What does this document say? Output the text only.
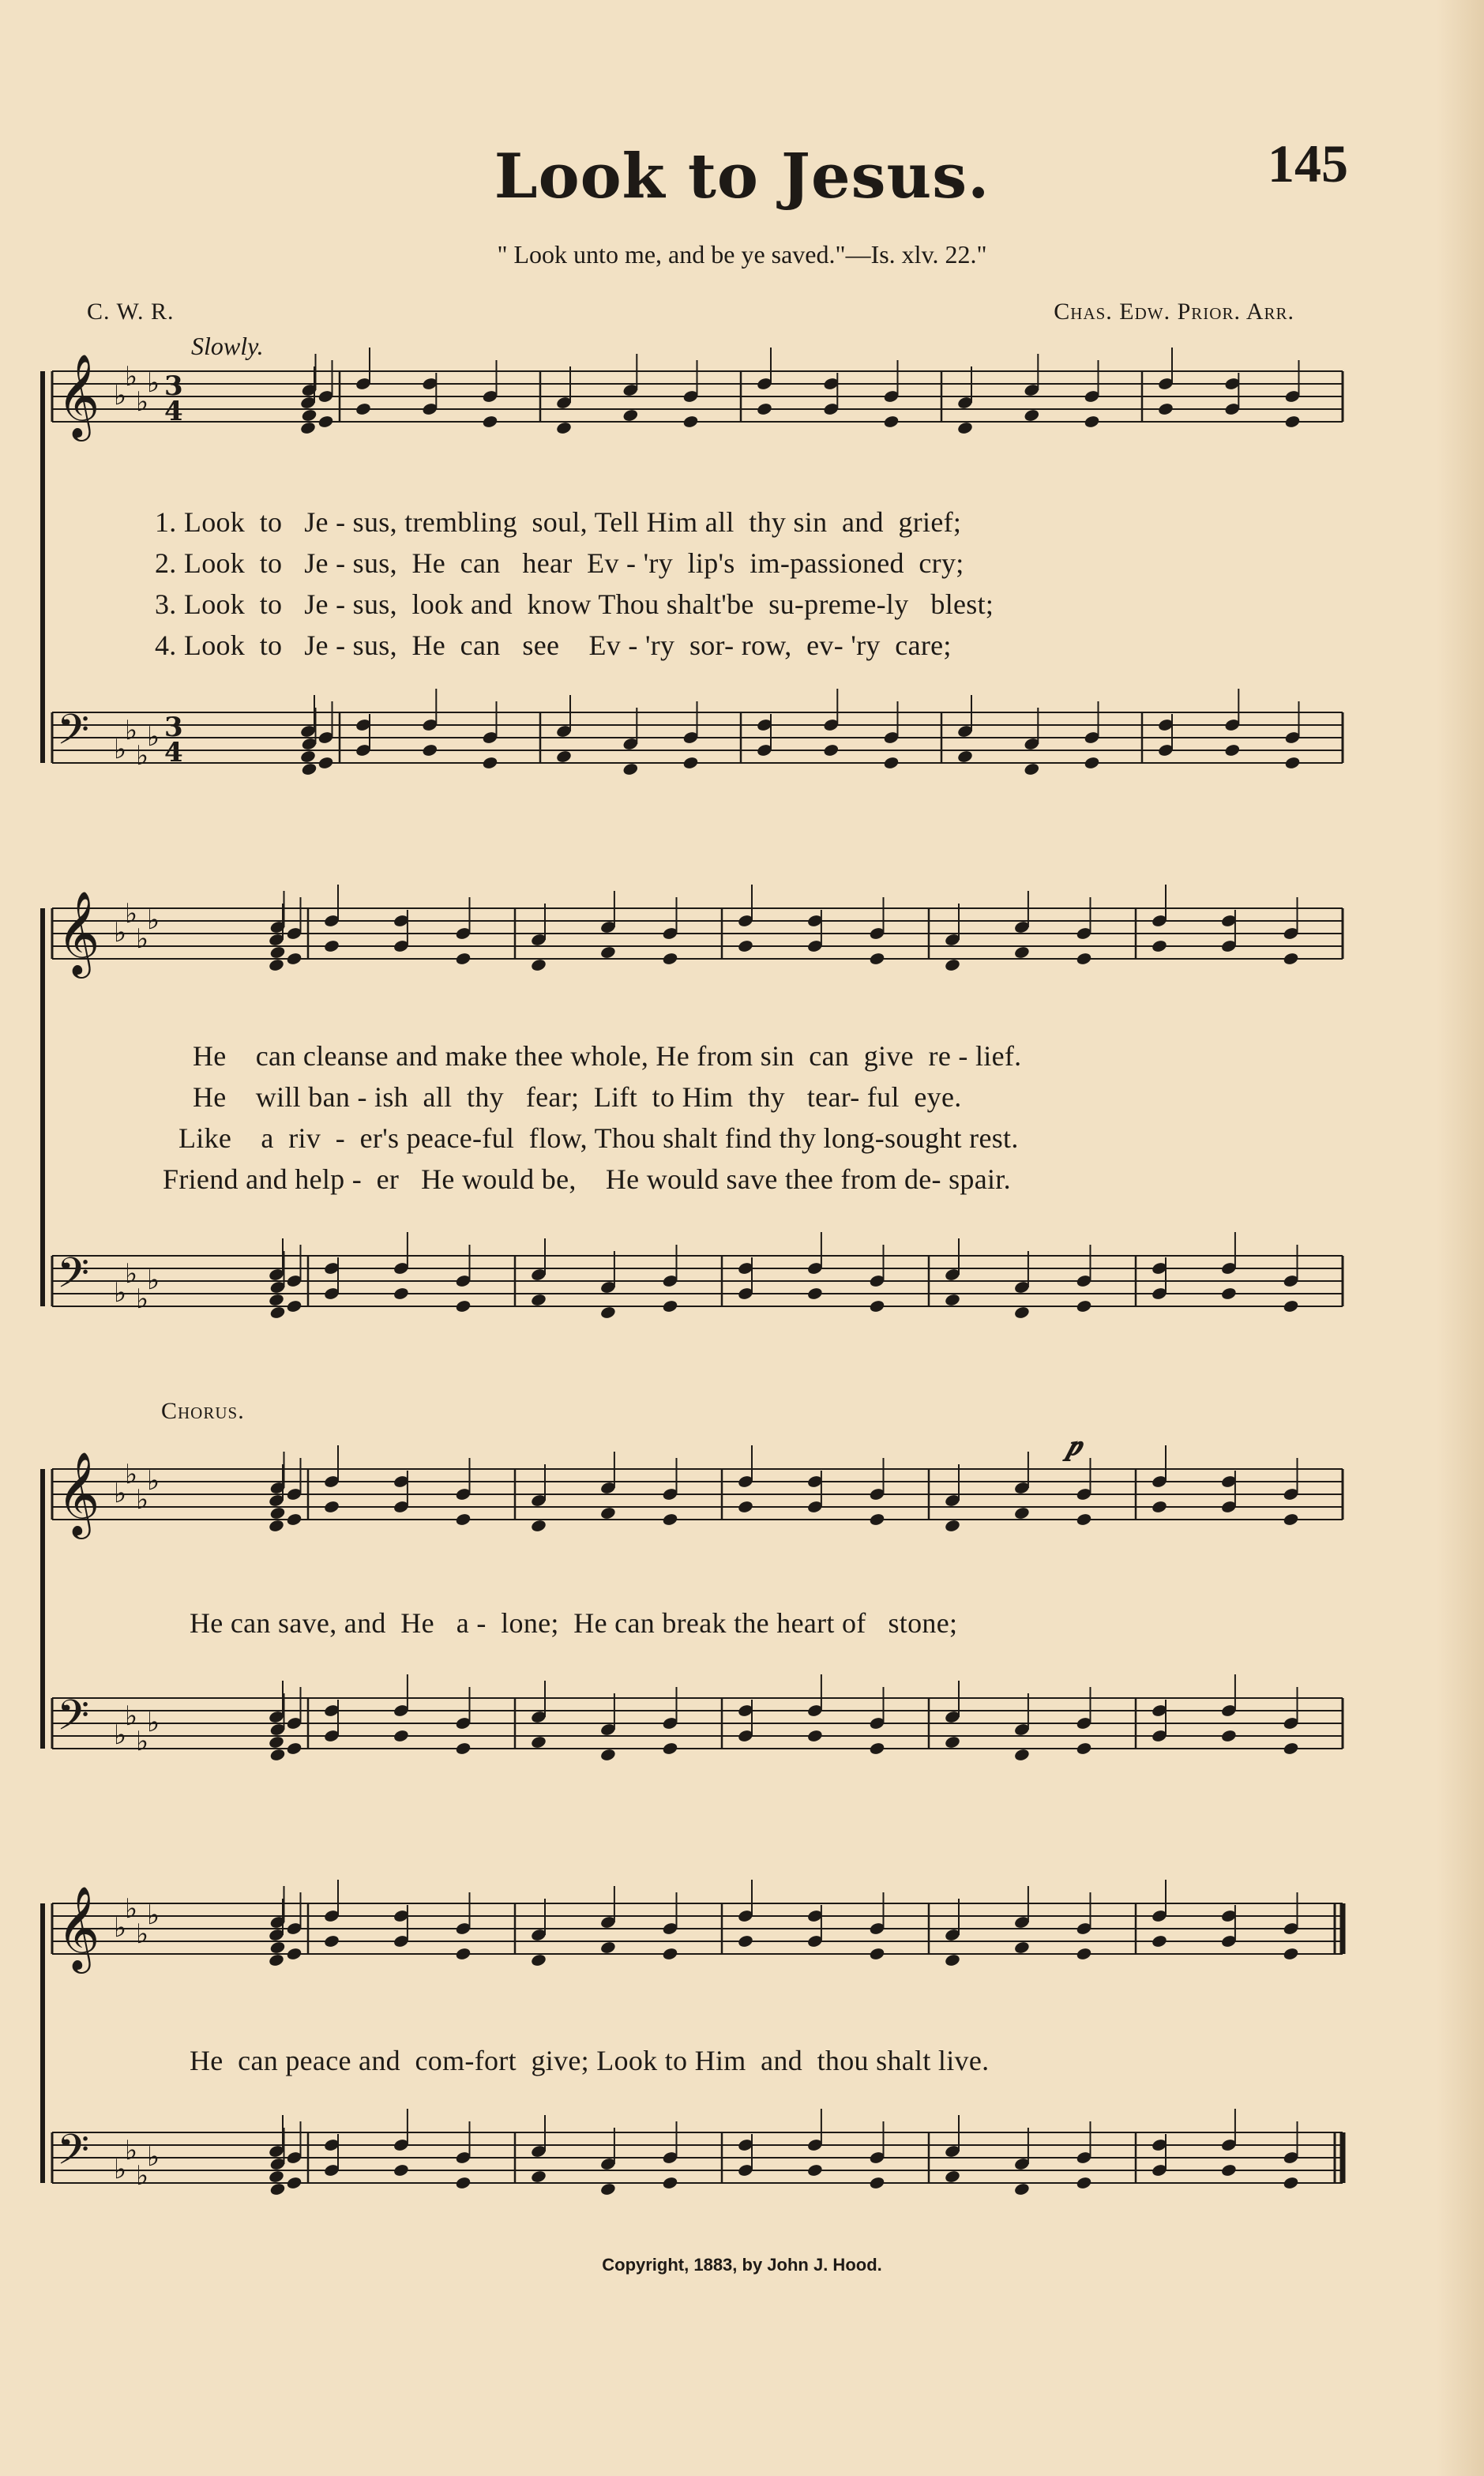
Look to Jesus.	145
" Look unto me, and be ye saved."—Is. xlv. 22."
C. W. R.	Chas. Edw. Prior. Arr.
Slowly.
Chorus.
𝄞 ♭
♭
♭
♭ 3
4
𝄢 ♭
♭
♭
♭ 3
4
𝄞 ♭
♭
♭
♭
𝄢 ♭
♭
♭
♭
𝄞 ♭
♭
♭
♭
𝄢 ♭
♭
♭
♭
𝄞 ♭
♭
♭
♭
𝄢 ♭
♭
♭
♭
𝆏
1. Look  to   Je - sus, trembling  soul, Tell Him all  thy sin  and  grief;
2. Look  to   Je - sus,  He  can   hear  Ev - 'ry  lip's  im-passioned  cry;
3. Look  to   Je - sus,  look and  know Thou shalt'be  su-preme-ly   blest;
4. Look  to   Je - sus,  He  can   see    Ev - 'ry  sor- row,  ev- 'ry  care;
He    can cleanse and make thee whole, He from sin  can  give  re - lief.
He    will ban - ish  all  thy   fear;  Lift  to Him  thy   tear- ful  eye.
Like    a  riv  -  er's peace-ful  flow, Thou shalt find thy long-sought rest.
Friend and help -  er   He would be,    He would save thee from de- spair.
He can save, and  He   a -  lone;  He can break the heart of   stone;
He  can peace and  com-fort  give; Look to Him  and  thou shalt live.
Copyright, 1883, by John J. Hood.
